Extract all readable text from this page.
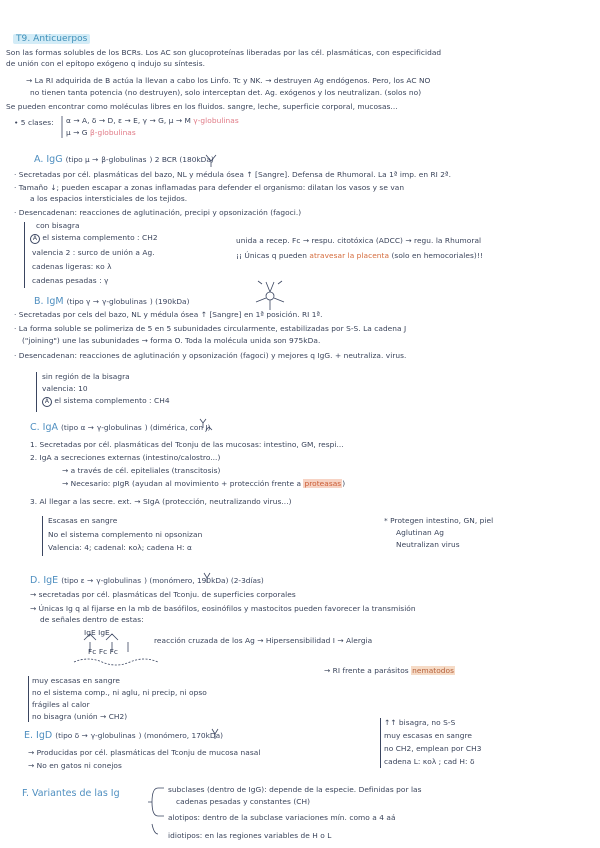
T9. Anticuerpos
Son las formas solubles de los BCRs. Los AC son glucoproteínas liberadas por las cél. plasmáticas, con especificidad
de unión con el epítopo exógeno q indujo su síntesis.
→ La RI adquirida de B actúa la llevan a cabo los Linfo. Tc y NK. → destruyen Ag endógenos. Pero, los AC NO
no tienen tanta potencia (no destruyen), solo interceptan det. Ag. exógenos y los neutralizan. (solos no)
Se pueden encontrar como moléculas libres en los fluidos. sangre, leche, superficie corporal, mucosas...
• 5 clases: α → A, δ → D, ε → E, γ → G, μ → M γ-globulinas
μ → G β-globulinas
A. IgG (tipo μ → β-globulinas ) 2 BCR (180kDa)
· Secretadas por cél. plasmáticas del bazo, NL y médula ósea ↑ [Sangre]. Defensa de Rhumoral. La 1ª imp. en RI 2ª.
· Tamaño ↓; pueden escapar a zonas inflamadas para defender el organismo: dilatan los vasos y se van
a los espacios intersticiales de los tejidos.
· Desencadenan: reacciones de aglutinación, precipi y opsonización (fagoci.)
con bisagra
A el sistema complemento : CH2
valencia 2 : surco de unión a Ag.
cadenas ligeras: κo λ
cadenas pesadas : γ
unida a recep. Fc → respu. citotóxica (ADCC) → regu. la Rhumoral
¡¡ Únicas q pueden atravesar la placenta (solo en hemocoriales)!!
B. IgM (tipo γ → γ-globulinas ) (190kDa)
· Secretadas por cels del bazo, NL y médula ósea ↑ [Sangre] en 1ª posición. RI 1ª.
· La forma soluble se polimeriza de 5 en 5 subunidades circularmente, estabilizadas por S-S. La cadena J
("joining") une las subunidades → forma O. Toda la molécula unida son 975kDa.
· Desencadenan: reacciones de aglutinación y opsonización (fagoci) y mejores q IgG. + neutraliza. virus.
sin región de la bisagra
valencia: 10
A el sistema complemento : CH4
C. IgA (tipo α → γ-globulinas ) (dimérica, con J)
1. Secretadas por cél. plasmáticas del Tconju de las mucosas: intestino, GM, respi...
2. IgA a secreciones externas (intestino/calostro...)
→ a través de cél. epiteliales (transcitosis)
→ Necesario: pIgR (ayudan al movimiento + protección frente a proteasas)
3. Al llegar a las secre. ext. → SIgA (protección, neutralizando virus...)
Escasas en sangre
No el sistema complemento ni opsonizan
Valencia: 4; cadenal: κoλ; cadena H: α
* Protegen intestino, GN, piel
Aglutinan Ag
Neutralizan virus
D. IgE (tipo ε → γ-globulinas ) (monómero, 190kDa) (2-3días)
→ secretadas por cél. plasmáticas del Tconju. de superficies corporales
→ Únicas Ig q al fijarse en la mb de basófilos, eosinófilos y mastocitos pueden favorecer la transmisión
de señales dentro de estas:
IgE IgE
Fc Fc Fc
reacción cruzada de los Ag → Hipersensibilidad I → Alergia
→ RI frente a parásitos nematodos
muy escasas en sangre
no el sistema comp., ni aglu, ni precip, ni opso
frágiles al calor
no bisagra (unión → CH2)
E. IgD (tipo δ → γ-globulinas ) (monómero, 170kDa)
→ Producidas por cél. plasmáticas del Tconju de mucosa nasal
→ No en gatos ni conejos
↑↑ bisagra, no S-S
muy escasas en sangre
no CH2, emplean por CH3
cadena L: κoλ ; cad H: δ
F. Variantes de las Ig	subclases (dentro de IgG): depende de la especie. Definidas por las
cadenas pesadas y constantes (CH)
alotipos: dentro de la subclase variaciones mín. como a 4 aá
idiotipos: en las regiones variables de H o L
